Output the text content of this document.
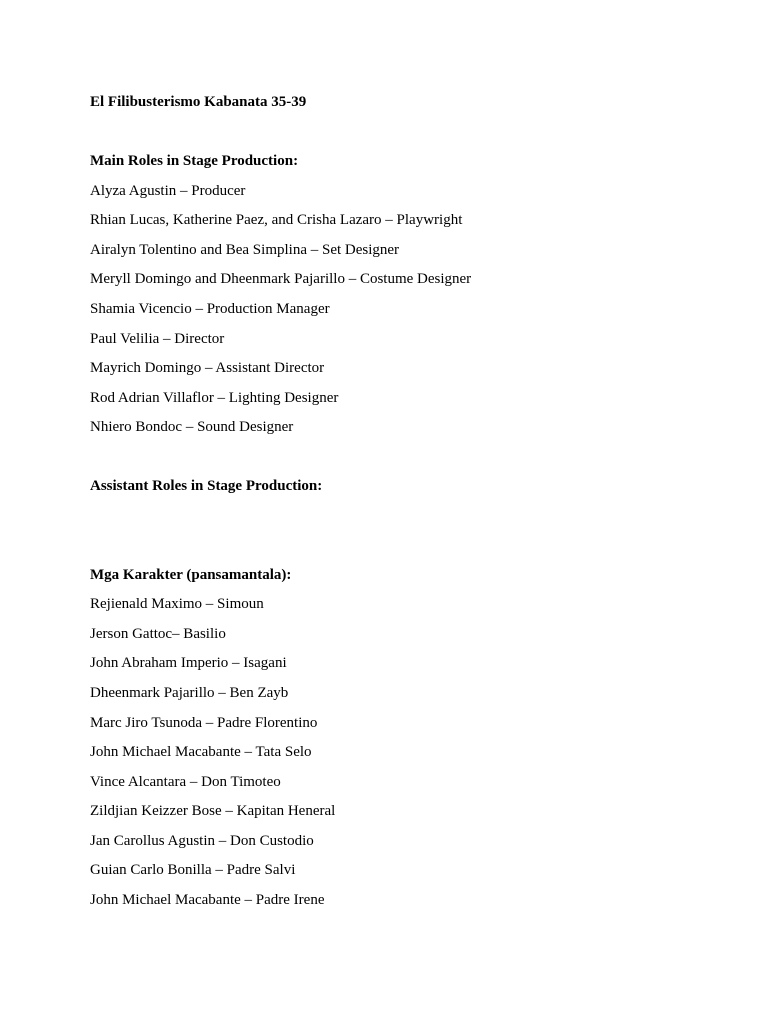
El Filibusterismo Kabanata 35-39
Main Roles in Stage Production:
Alyza Agustin – Producer
Rhian Lucas, Katherine Paez, and Crisha Lazaro – Playwright
Airalyn Tolentino and Bea Simplina – Set Designer
Meryll Domingo and Dheenmark Pajarillo – Costume Designer
Shamia Vicencio – Production Manager
Paul Velilia – Director
Mayrich Domingo – Assistant Director
Rod Adrian Villaflor – Lighting Designer
Nhiero Bondoc – Sound Designer
Assistant Roles in Stage Production:
Mga Karakter (pansamantala):
Rejienald Maximo – Simoun
Jerson Gattoc– Basilio
John Abraham Imperio – Isagani
Dheenmark Pajarillo – Ben Zayb
Marc Jiro Tsunoda – Padre Florentino
John Michael Macabante – Tata Selo
Vince Alcantara – Don Timoteo
Zildjian Keizzer Bose – Kapitan Heneral
Jan Carollus Agustin – Don Custodio
Guian Carlo Bonilla – Padre Salvi
John Michael Macabante – Padre Irene
